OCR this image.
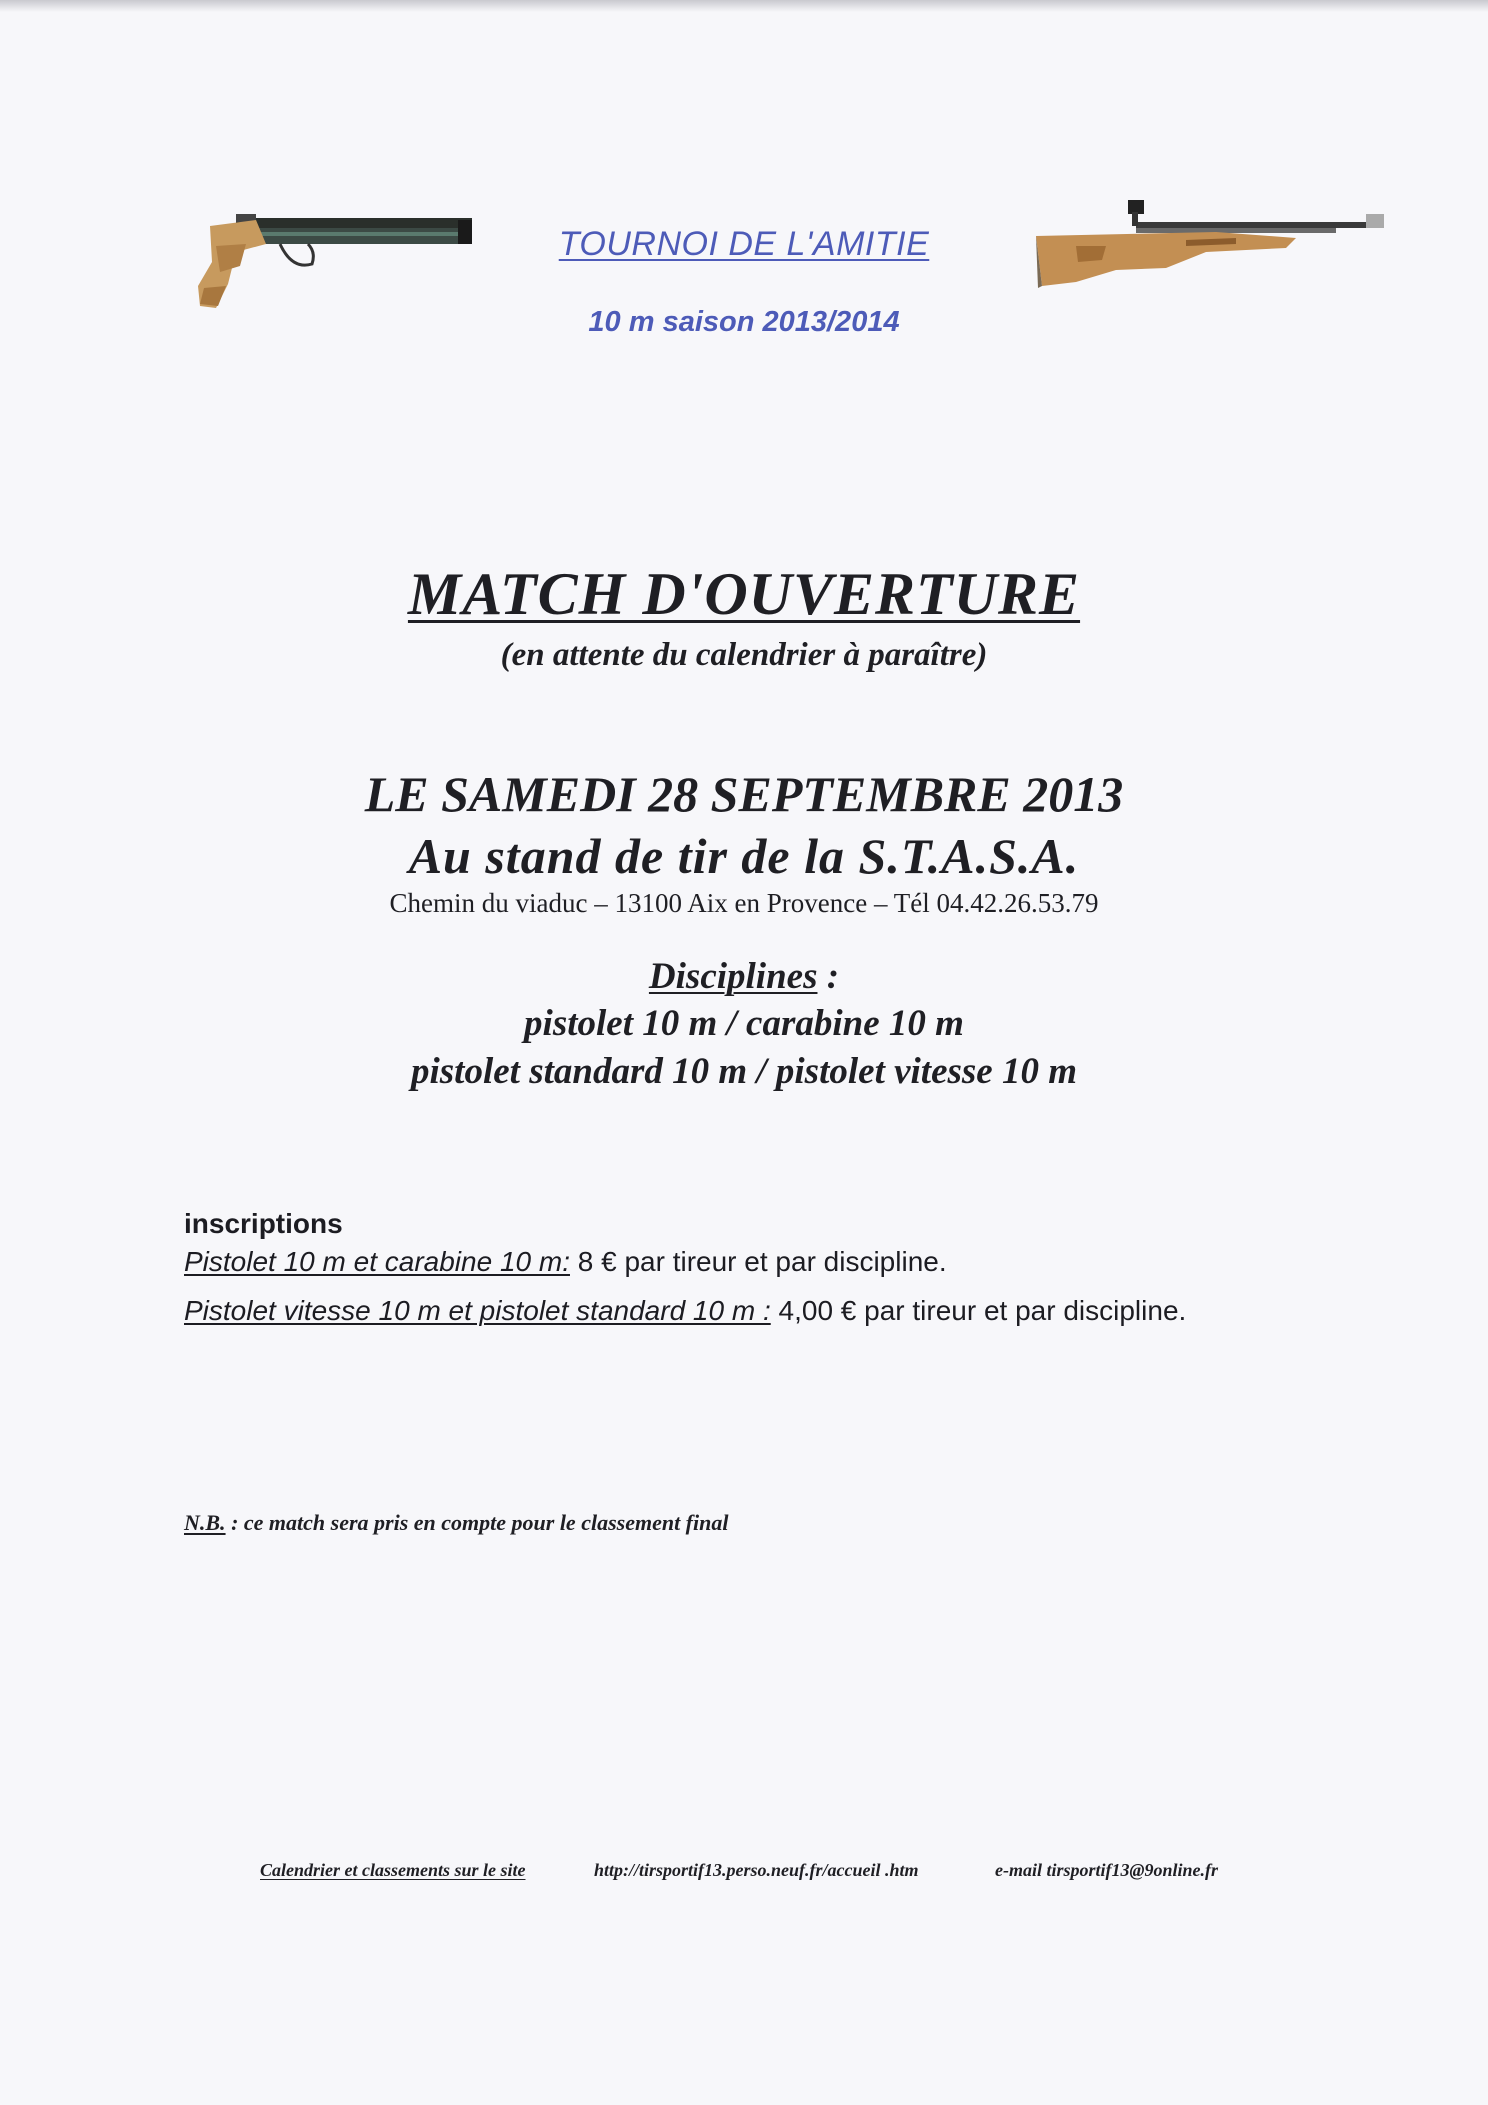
TOURNOI DE L'AMITIE
10 m saison 2013/2014
MATCH D'OUVERTURE
(en attente du calendrier à paraître)
LE SAMEDI 28 SEPTEMBRE 2013
Au stand de tir de la S.T.A.S.A.
Chemin du viaduc – 13100 Aix en Provence – Tél 04.42.26.53.79
Disciplines :
pistolet 10 m / carabine 10 m
pistolet standard 10 m / pistolet vitesse 10 m
inscriptions
Pistolet 10 m et carabine 10 m: 8 € par tireur et par discipline.
Pistolet vitesse 10 m et pistolet standard 10 m : 4,00 € par tireur et par discipline.
N.B. : ce match sera pris en compte pour le classement final
Calendrier et classements sur le site	http://tirsportif13.perso.neuf.fr/accueil .htm	e-mail tirsportif13@9online.fr
